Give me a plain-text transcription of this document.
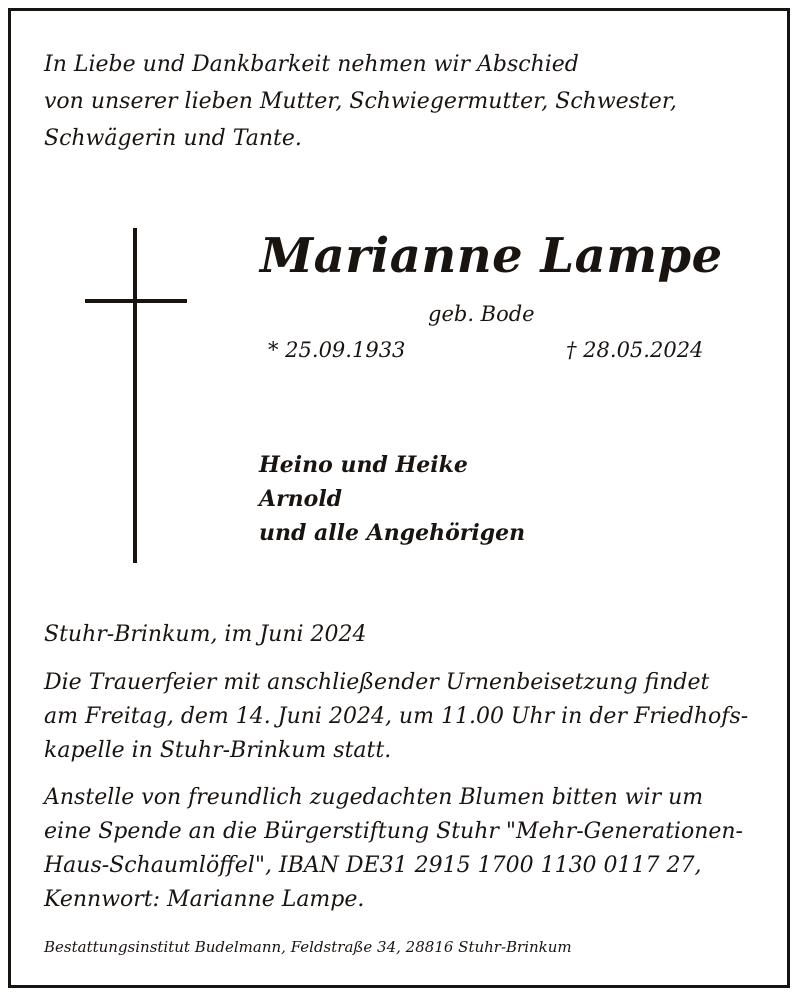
In Liebe und Dankbarkeit nehmen wir Abschied
von unserer lieben Mutter, Schwiegermutter, Schwester,
Schwägerin und Tante.
Marianne Lampe
geb. Bode
* 25.09.1933	† 28.05.2024
Heino und Heike
Arnold
und alle Angehörigen
Stuhr-Brinkum, im Juni 2024
Die Trauerfeier mit anschließender Urnenbeisetzung findet
am Freitag, dem 14. Juni 2024, um 11.00 Uhr in der Friedhofs-
kapelle in Stuhr-Brinkum statt.
Anstelle von freundlich zugedachten Blumen bitten wir um
eine Spende an die Bürgerstiftung Stuhr "Mehr-Generationen-
Haus-Schaumlöffel", IBAN DE31 2915 1700 1130 0117 27,
Kennwort: Marianne Lampe.
Bestattungsinstitut Budelmann, Feldstraße 34, 28816 Stuhr-Brinkum
